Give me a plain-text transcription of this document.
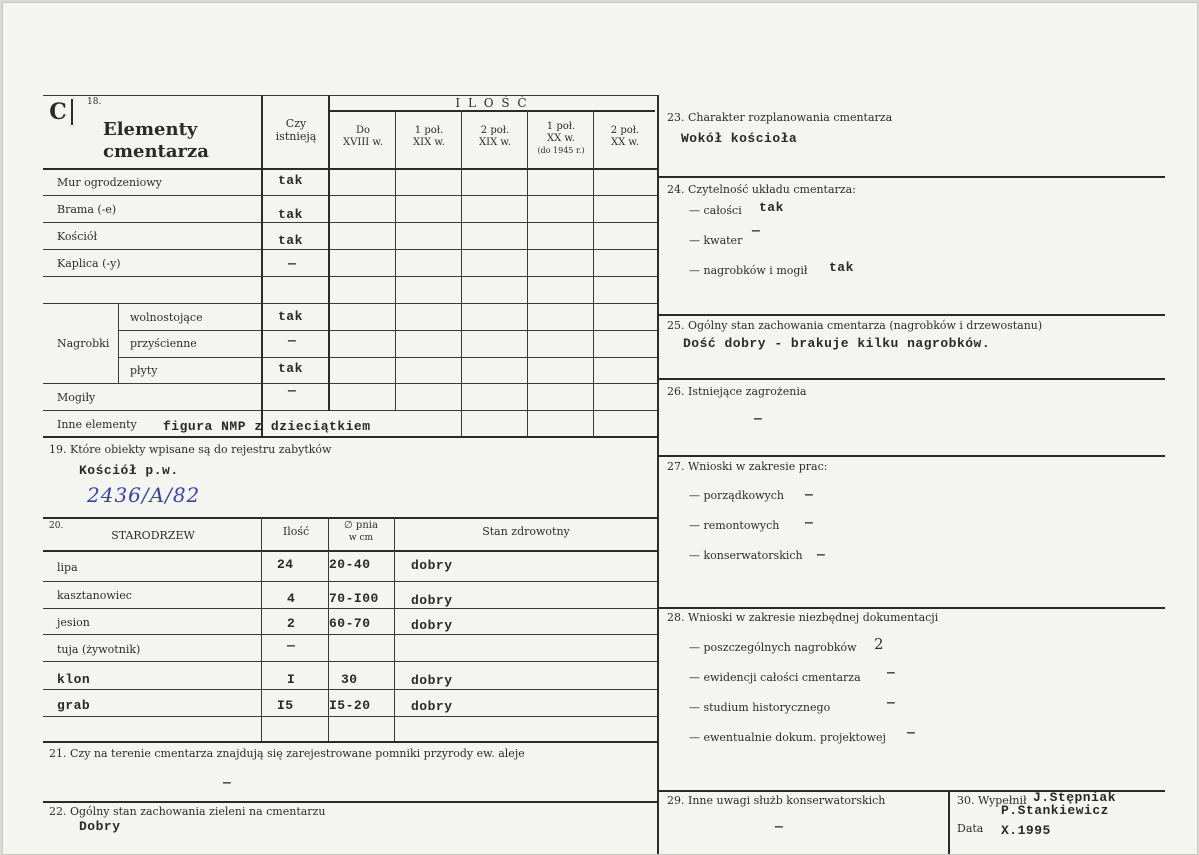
C	18.
Elementy
cmentarza
Czy
istnieją
I L O Ś Ć
Do
XVIII w.
1 poł.
XIX w.
2 poł.
XIX w.
1 poł.
XX w.
(do 1945 r.)
2 poł.
XX w.
Mur ogrodzeniowy	tak
Brama (-e)	tak
Kościół	tak
Kaplica (-y)	—
Nagrobki
wolnostojące	tak
przyścienne	—
płyty	tak
Mogiły	—
Inne elementy figura NMP z dzieciątkiem
19. Które obiekty wpisane są do rejestru zabytków
Kościół p.w.
2436/A/82
20.
STARODRZEW	Ilość	∅ pnia
w cm	Stan zdrowotny
lipa	24	20-40	dobry
kasztanowiec	4	70-I00 dobry
jesion	2	60-70	dobry
tuja (żywotnik)	—
klon	I	30	dobry
grab	I5	I5-20	dobry
21. Czy na terenie cmentarza znajdują się zarejestrowane pomniki przyrody ew. aleje
—
22. Ogólny stan zachowania zieleni na cmentarzu
Dobry
23. Charakter rozplanowania cmentarza
Wokół kościoła
24. Czytelność układu cmentarza:
— całości tak
— kwater
—
— nagrobków i mogił tak
25. Ogólny stan zachowania cmentarza (nagrobków i drzewostanu)
Dość dobry - brakuje kilku nagrobków.
26. Istniejące zagrożenia
—
27. Wnioski w zakresie prac:
— porządkowych —
— remontowych —
— konserwatorskich —
28. Wnioski w zakresie niezbędnej dokumentacji
— poszczególnych nagrobków 2
— ewidencji całości cmentarza —
— studium historycznego	—
— ewentualnie dokum. projektowej —
29. Inne uwagi służb konserwatorskich
—
30. Wypełnił J.Stępniak
P.Stankiewicz
Data X.1995
